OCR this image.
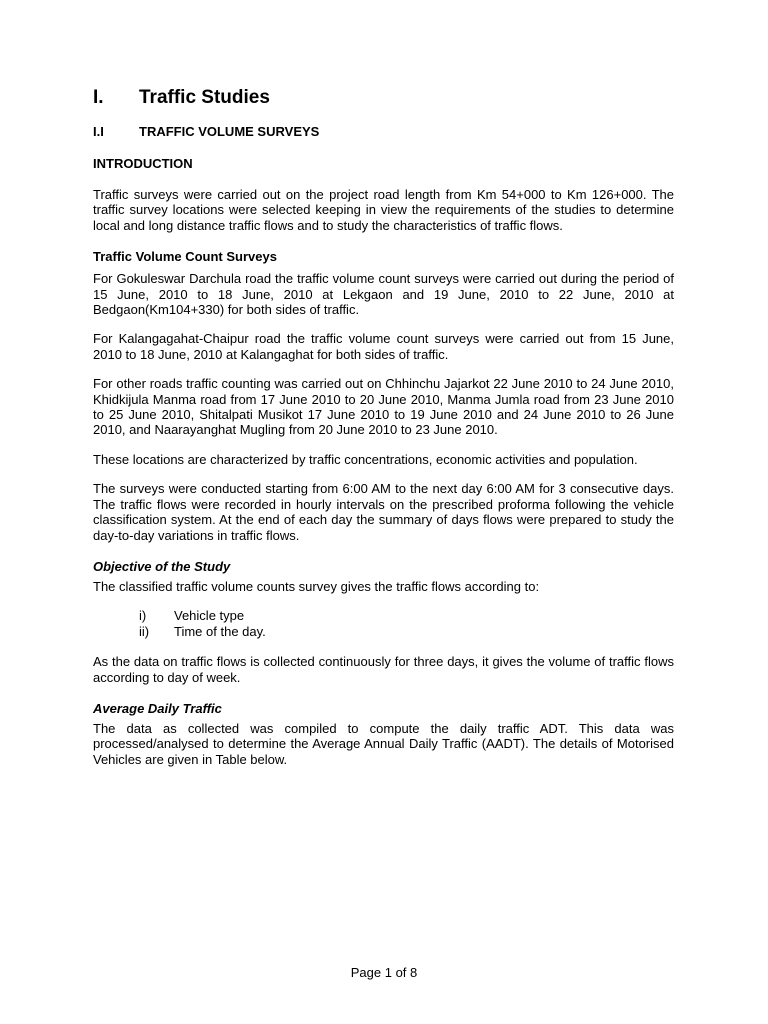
I.	Traffic Studies
I.I	TRAFFIC VOLUME SURVEYS
INTRODUCTION

Traffic surveys were carried out on the project road length from Km 54+000 to Km 126+000. The traffic survey locations were selected keeping in view the requirements of the studies to determine local and long distance traffic flows and to study the characteristics of traffic flows.

Traffic Volume Count Surveys

For Gokuleswar Darchula road the traffic volume count surveys were carried out during the period of 15 June, 2010 to 18 June, 2010 at Lekgaon and 19 June, 2010 to 22 June, 2010 at Bedgaon(Km104+330) for both sides of traffic.

For Kalangagahat-Chaipur road the traffic volume count surveys were carried out from 15 June, 2010 to 18 June, 2010 at Kalangaghat for both sides of traffic.

For other roads traffic counting was carried out on Chhinchu Jajarkot 22 June 2010 to 24 June 2010, Khidkijula Manma road from 17 June 2010 to 20 June 2010, Manma Jumla road from 23 June 2010 to 25 June 2010, Shitalpati Musikot 17 June 2010 to 19 June 2010 and 24 June 2010 to 26 June 2010, and Naarayanghat Mugling from 20 June 2010 to 23 June 2010.

These locations are characterized by traffic concentrations, economic activities and population.

The surveys were conducted starting from 6:00 AM to the next day 6:00 AM for 3 consecutive days. The traffic flows were recorded in hourly intervals on the prescribed proforma following the vehicle classification system. At the end of each day the summary of days flows were prepared to study the day-to-day variations in traffic flows.

Objective of the Study

The classified traffic volume counts survey gives the traffic flows according to:

i)	Vehicle type
ii)	Time of the day.

As the data on traffic flows is collected continuously for three days, it gives the volume of traffic flows according to day of week.

Average Daily Traffic

The data as collected was compiled to compute the daily traffic ADT. This data was processed/analysed to determine the Average Annual Daily Traffic (AADT). The details of Motorised Vehicles are given in Table below.

Page 1 of 8
